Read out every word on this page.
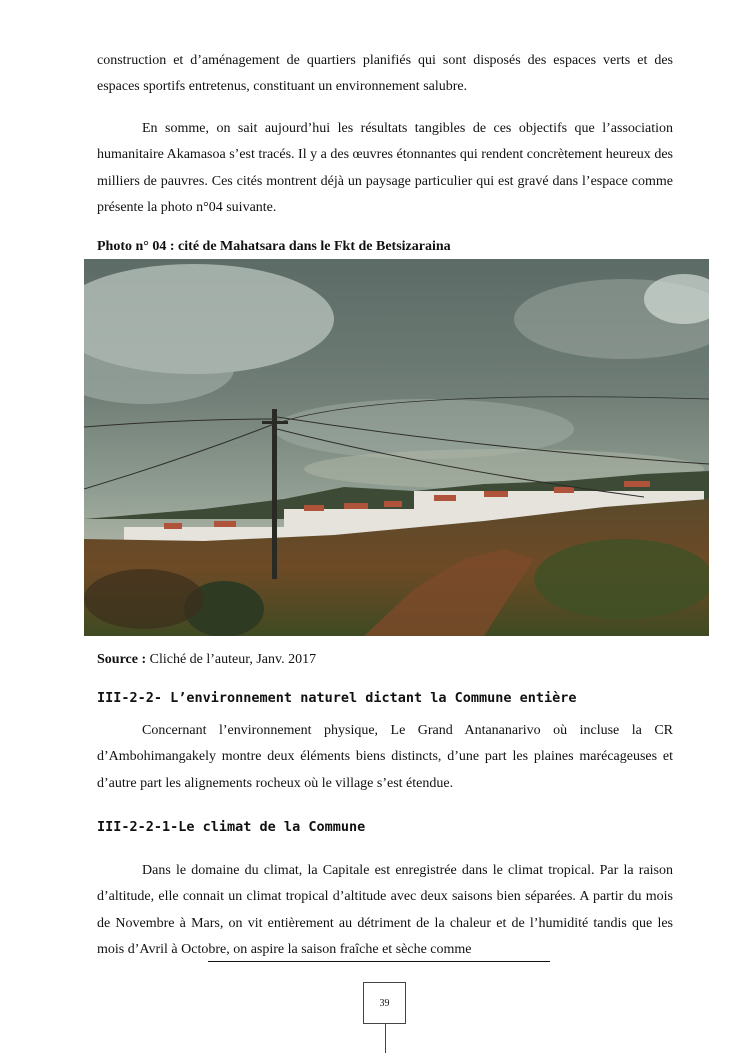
construction et d’aménagement de quartiers planifiés qui sont disposés des espaces verts et des espaces sportifs entretenus, constituant un environnement salubre.

En somme, on sait aujourd’hui les résultats tangibles de ces objectifs que l’association humanitaire Akamasoa s’est tracés. Il y a des œuvres étonnantes qui rendent concrètement heureux des milliers de pauvres. Ces cités montrent déjà un paysage particulier qui est gravé dans l’espace comme présente la photo n°04 suivante.

Photo n° 04 : cité de Mahatsara dans le Fkt de Betsizaraina

Source : Cliché de l’auteur, Janv. 2017

III-2-2- L’environnement naturel dictant la Commune entière

Concernant l’environnement physique, Le Grand Antananarivo où incluse la CR d’Ambohimangakely montre deux éléments biens distincts, d’une part les plaines marécageuses et d’autre part les alignements rocheux où le village s’est étendue.

III-2-2-1-Le climat de la Commune

Dans le domaine du climat, la Capitale est enregistrée dans le climat tropical. Par la raison d’altitude, elle connait un climat tropical d’altitude avec deux saisons bien séparées. A partir du mois de Novembre à Mars, on vit entièrement au détriment de la chaleur et de l’humidité tandis que les mois d’Avril à Octobre, on aspire la saison fraîche et sèche comme

39
